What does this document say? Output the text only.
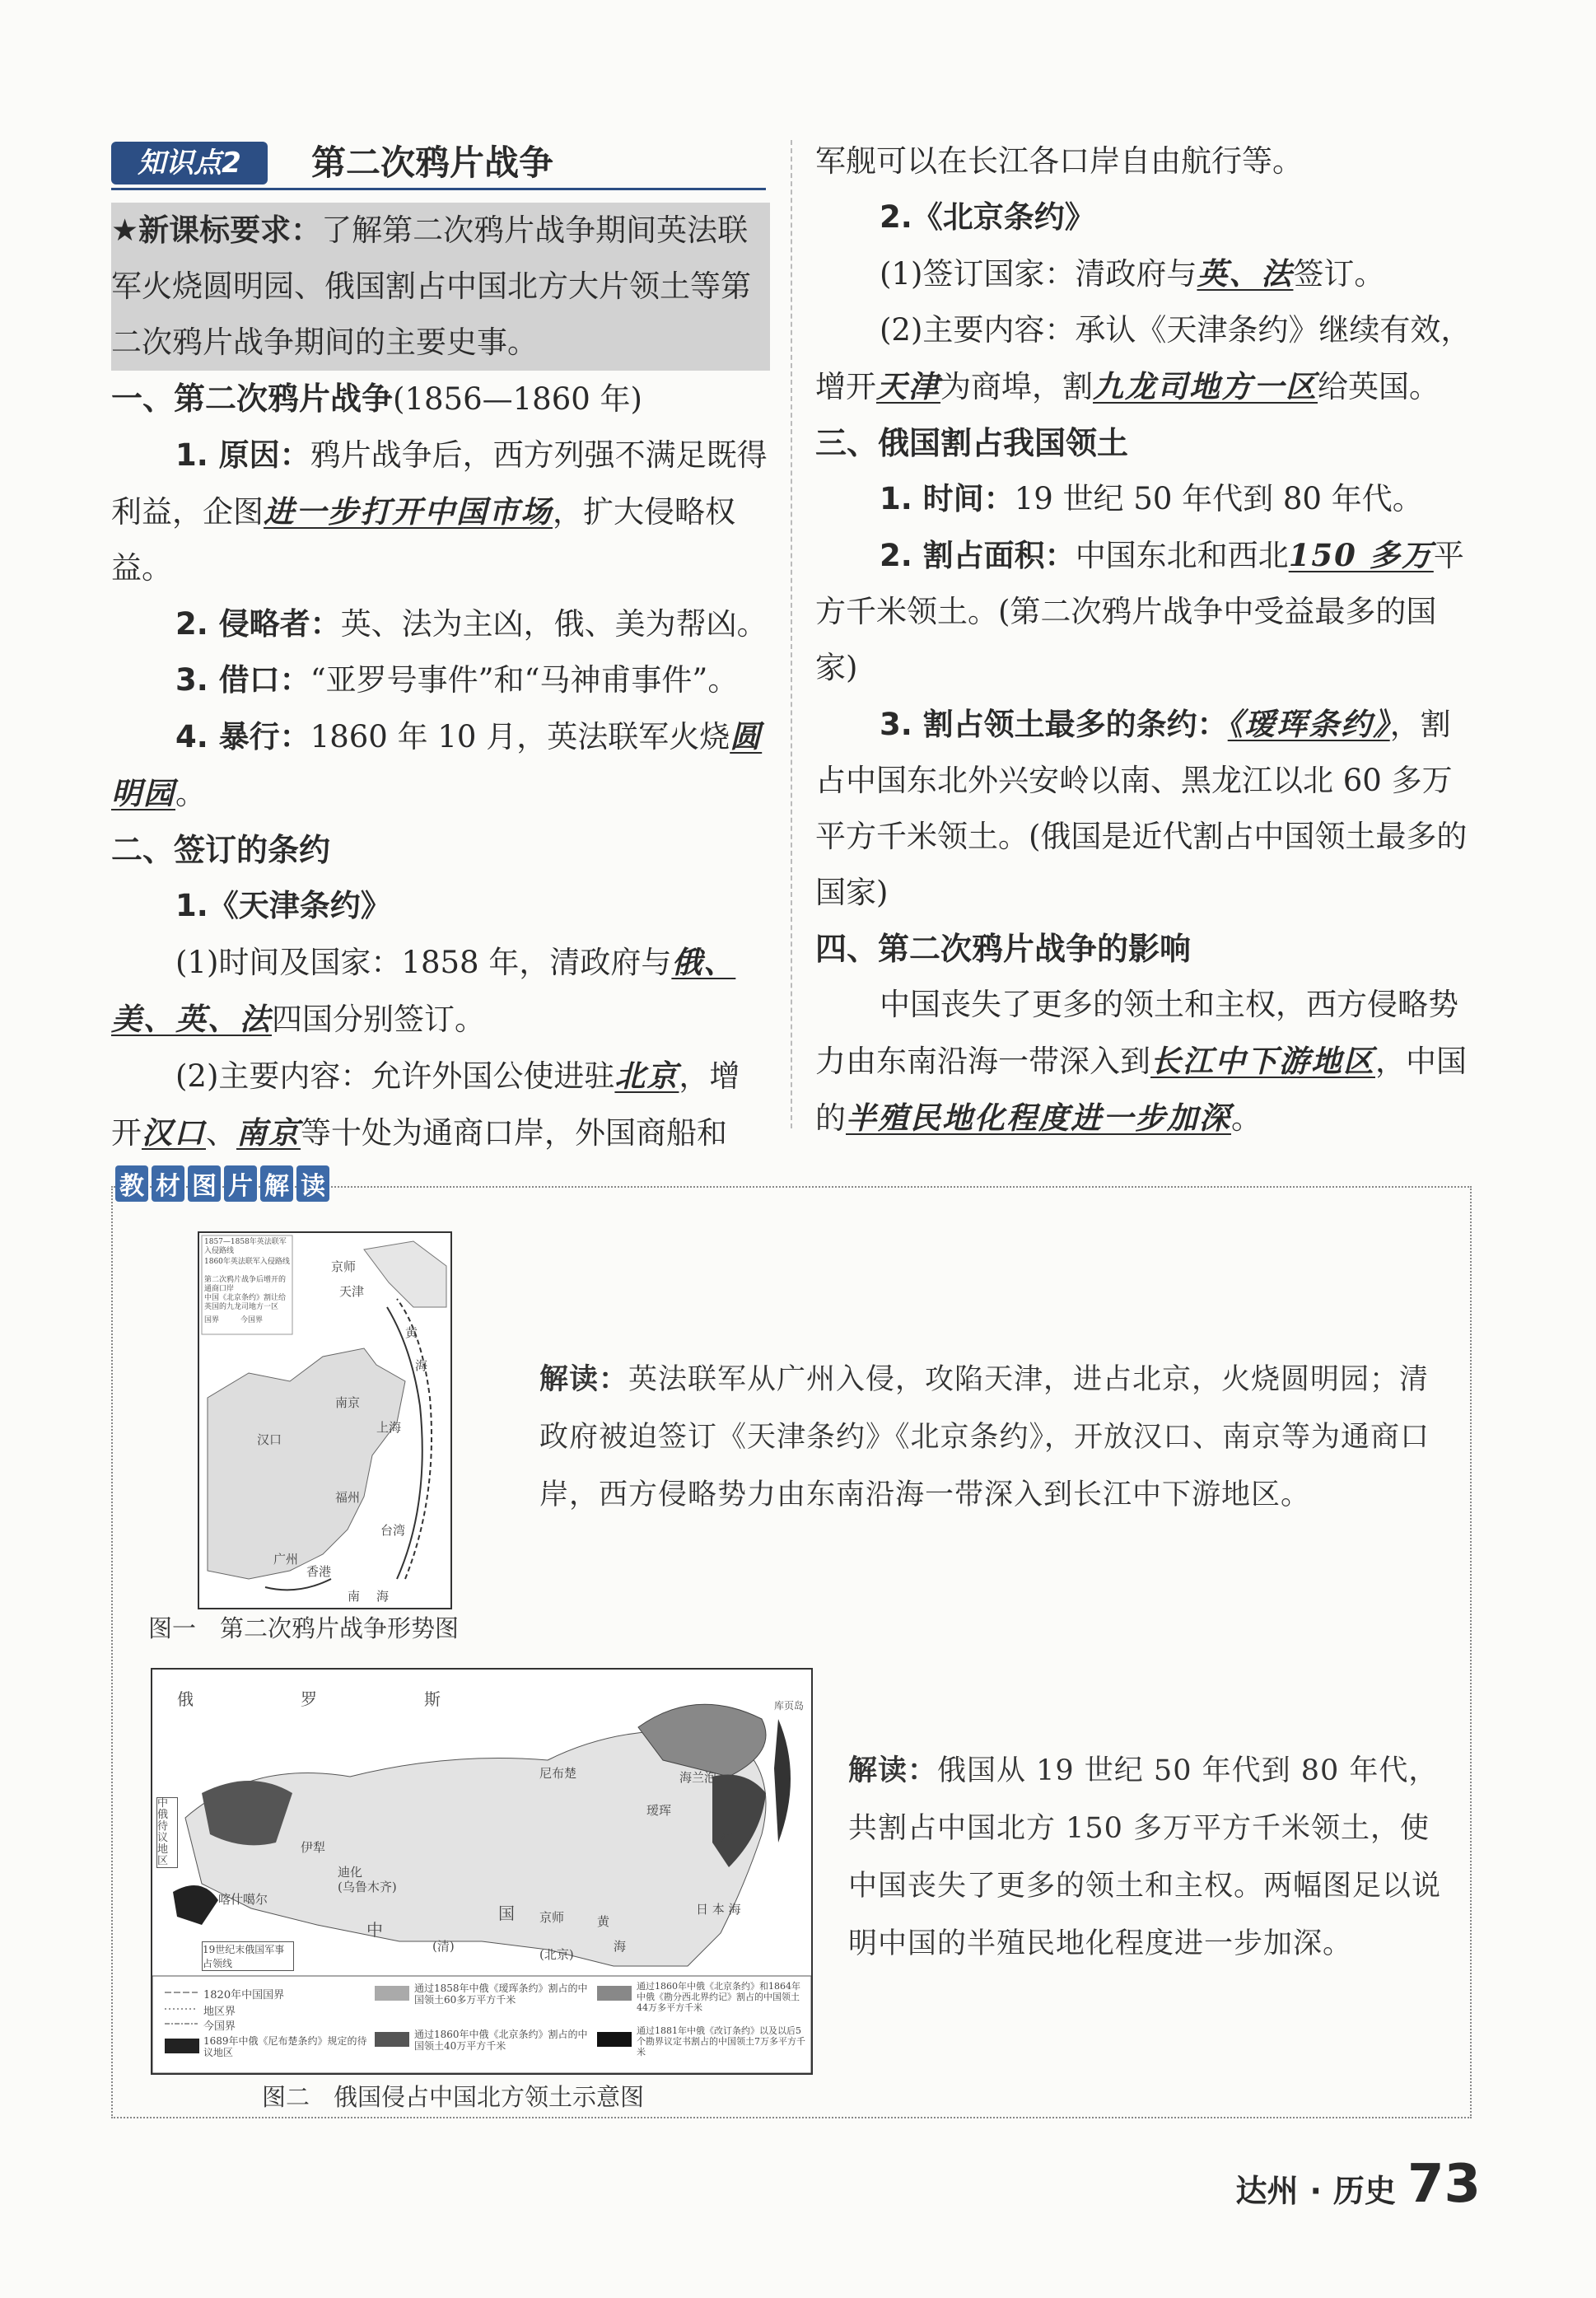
知识点2	第二次鸦片战争

★新课标要求：了解第二次鸦片战争期间英法联军火烧圆明园、俄国割占中国北方大片领土等第二次鸦片战争期间的主要史事。

一、第二次鸦片战争(1856—1860 年)

1. 原因：鸦片战争后，西方列强不满足既得利益，企图进一步打开中国市场，扩大侵略权益。

2. 侵略者：英、法为主凶，俄、美为帮凶。

3. 借口：“亚罗号事件”和“马神甫事件”。

4. 暴行：1860 年 10 月，英法联军火烧圆明园。

二、签订的条约

1.《天津条约》

(1)时间及国家：1858 年，清政府与俄、美、英、法四国分别签订。

(2)主要内容：允许外国公使进驻北京，增开汉口、南京等十处为通商口岸，外国商船和

军舰可以在长江各口岸自由航行等。

2.《北京条约》

(1)签订国家：清政府与英、法签订。

(2)主要内容：承认《天津条约》继续有效，增开天津为商埠，割九龙司地方一区给英国。

三、俄国割占我国领土

1. 时间：19 世纪 50 年代到 80 年代。

2. 割占面积：中国东北和西北150 多万平方千米领土。(第二次鸦片战争中受益最多的国家)

3. 割占领土最多的条约：《瑷珲条约》，割占中国东北外兴安岭以南、黑龙江以北 60 多万平方千米领土。(俄国是近代割占中国领土最多的国家)

四、第二次鸦片战争的影响

中国丧失了更多的领土和主权，西方侵略势力由东南沿海一带深入到长江中下游地区，中国的半殖民地化程度进一步加深。

教 材 图 片 解 读
1857—1858年英法联军入侵路线
1860年英法联军入侵路线
第二次鸦片战争后增开的通商口岸
中国《北京条约》割让给英国的九龙司地方一区
国界	今国界
京师
天津
黄
海
汉口
南京
上海
福州
台湾
广州
香港
南 海
解读：英法联军从广州入侵，攻陷天津，进占北京，火烧圆明园；清政府被迫签订《天津条约》《北京条约》，开放汉口、南京等为通商口岸，西方侵略势力由东南沿海一带深入到长江中下游地区。
图一　第二次鸦片战争形势图
俄	罗	斯
尼布楚	海兰泡
瑷珲
伊犁
迪化
(乌鲁木齐)
喀什噶尔
中
国
(清)
京师
(北京)
黄
海
日 本 海
库页岛
江
中俄待议地区
19世纪末俄国军事占领线
1820年中国国界
地区界
今国界
1689年中俄《尼布楚条约》规定的待议地区
通过1858年中俄《瑷珲条约》割占的中国领土60多万平方千米
通过1860年中俄《北京条约》割占的中国领土40万平方千米
通过1860年中俄《北京条约》和1864年中俄《勘分西北界约记》割占的中国领土44万多平方千米
通过1881年中俄《改订条约》以及以后5个勘界议定书割占的中国领土7万多平方千米
解读：俄国从 19 世纪 50 年代到 80 年代，共割占中国北方 150 多万平方千米领土，使中国丧失了更多的领土和主权。两幅图足以说明中国的半殖民地化程度进一步加深。
图二　俄国侵占中国北方领土示意图
达州 · 历史 73
